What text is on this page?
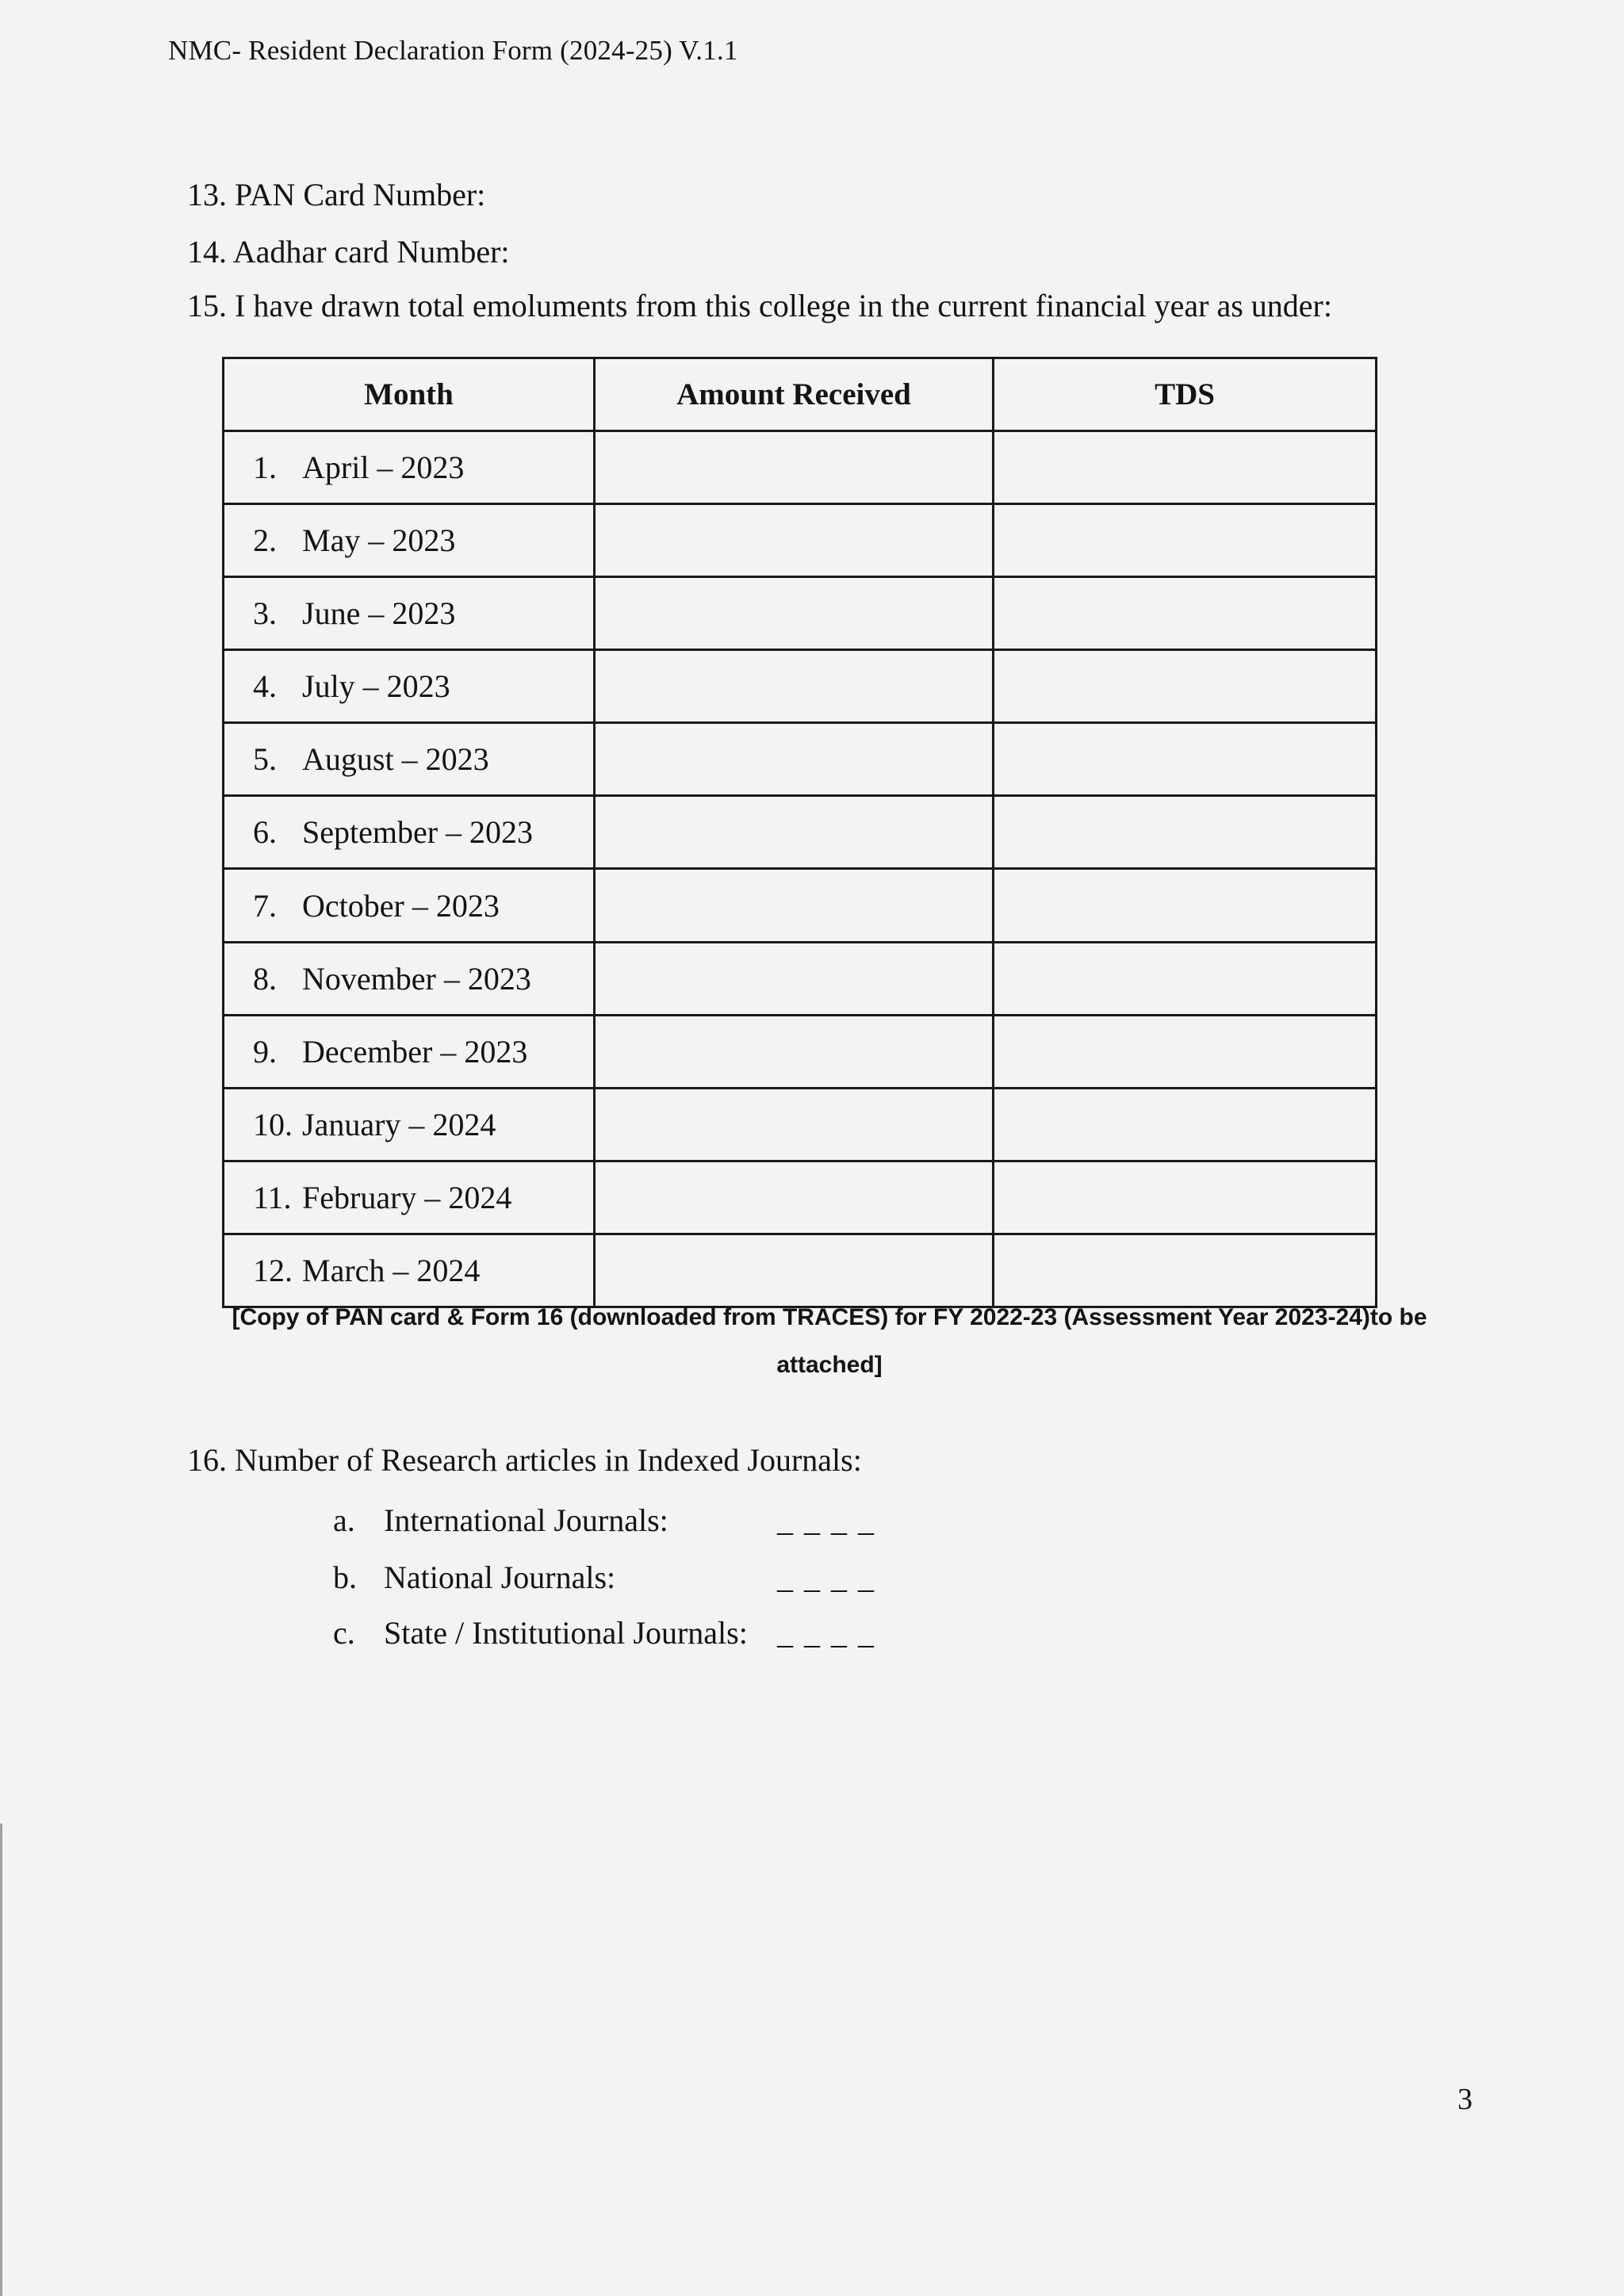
NMC- Resident Declaration Form (2024-25) V.1.1
13. PAN Card Number:
14. Aadhar card Number:
15. I have drawn total emoluments from this college in the current financial year as under:
Month	Amount Received	TDS
1. April – 2023		
2. May – 2023		
3. June – 2023		
4. July – 2023		
5. August – 2023		
6. September – 2023		
7. October – 2023		
8. November – 2023		
9. December – 2023		
10. January – 2024		
11. February – 2024		
12. March – 2024		
[Copy of PAN card & Form 16 (downloaded from TRACES) for FY 2022-23 (Assessment Year 2023-24)to be attached]
16. Number of Research articles in Indexed Journals:
a. International Journals:	_ _ _ _
b. National Journals:	_ _ _ _
c. State / Institutional Journals: _ _ _ _
3
